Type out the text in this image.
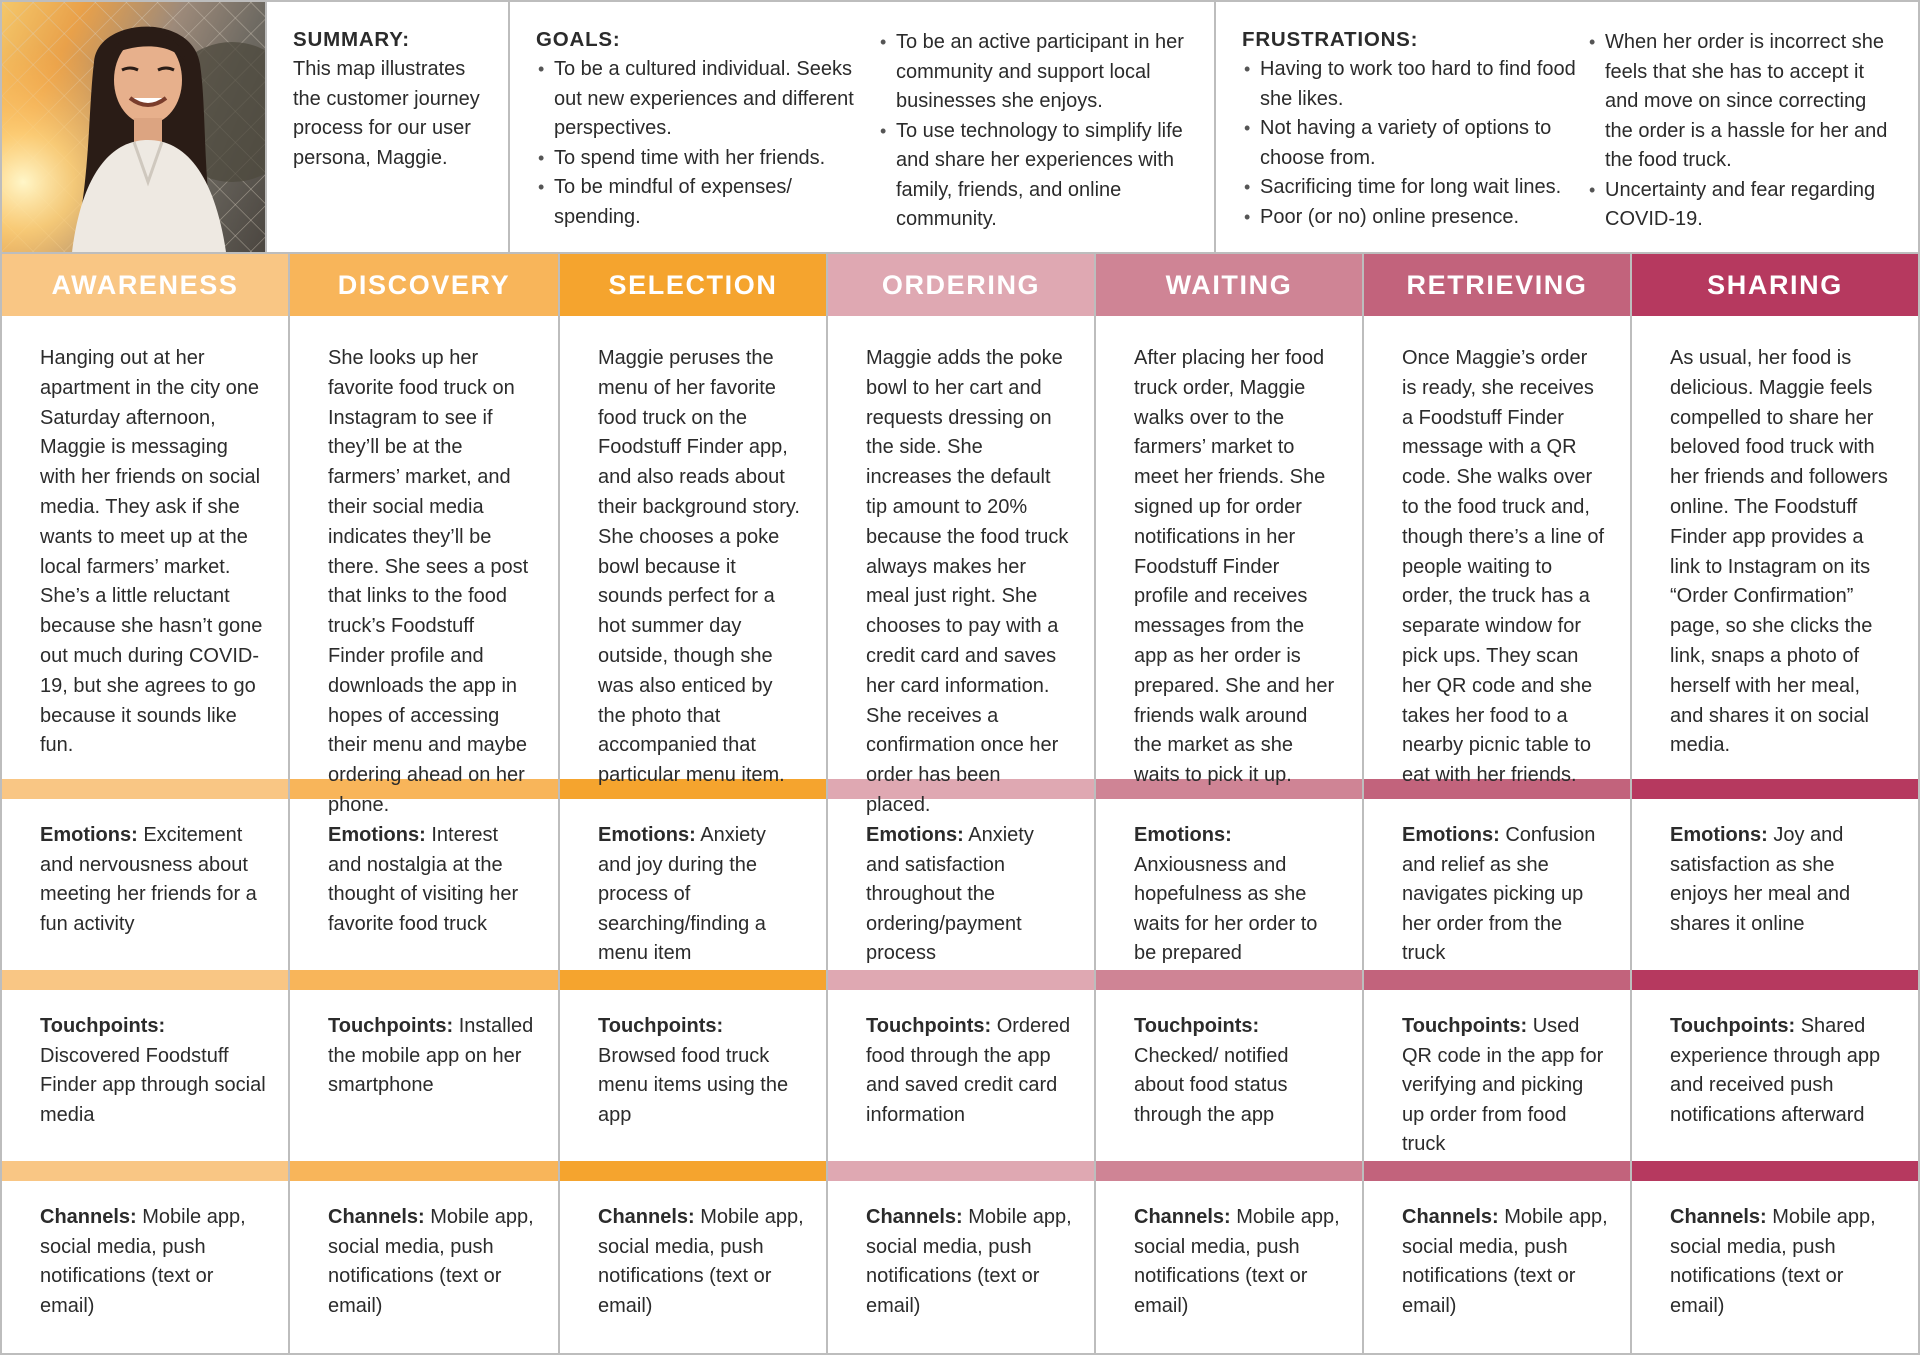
SUMMARY:

This map illustrates the customer journey process for our user persona, Maggie.

GOALS:
• To be a cultured individual. Seeks out new experiences and different perspectives.
• To spend time with her friends.
• To be mindful of expenses/ spending.
• To be an active participant in her community and support local businesses she enjoys.
• To use technology to simplify life and share her experiences with family, friends, and online community.
FRUSTRATIONS:
• Having to work too hard to find food she likes.
• Not having a variety of options to choose from.
• Sacrificing time for long wait lines.
• Poor (or no) online presence.
• When her order is incorrect she feels that she has to accept it and move on since correcting the order is a hassle for her and the food truck.
• Uncertainty and fear regarding COVID-19.
AWARENESS
Hanging out at her apartment in the city one Saturday afternoon, Maggie is messaging with her friends on social media. They ask if she wants to meet up at the local farmers’ market. She’s a little reluctant because she hasn’t gone out much during COVID-19, but she agrees to go because it sounds like fun.
Emotions: Excitement and nervousness about meeting her friends for a fun activity
Touchpoints: Discovered Foodstuff Finder app through social media
Channels: Mobile app, social media, push notifications (text or email)
DISCOVERY
She looks up her favorite food truck on Instagram to see if they’ll be at the farmers’ market, and their social media indicates they’ll be there. She sees a post that links to the food truck’s Foodstuff Finder profile and downloads the app in hopes of accessing their menu and maybe ordering ahead on her phone.
Emotions: Interest and nostalgia at the thought of visiting her favorite food truck
Touchpoints: Installed the mobile app on her smartphone
Channels: Mobile app, social media, push notifications (text or email)
SELECTION
Maggie peruses the menu of her favorite food truck on the Foodstuff Finder app, and also reads about their background story. She chooses a poke bowl because it sounds perfect for a hot summer day outside, though she was also enticed by the photo that accompanied that particular menu item.
Emotions: Anxiety and joy during the process of searching/finding a menu item
Touchpoints: Browsed food truck menu items using the app
Channels: Mobile app, social media, push notifications (text or email)
ORDERING
Maggie adds the poke bowl to her cart and requests dressing on the side. She increases the default tip amount to 20% because the food truck always makes her meal just right. She chooses to pay with a credit card and saves her card information. She receives a confirmation once her order has been placed.
Emotions: Anxiety and satisfaction throughout the ordering/payment process
Touchpoints: Ordered food through the app and saved credit card information
Channels: Mobile app, social media, push notifications (text or email)
WAITING
After placing her food truck order, Maggie walks over to the farmers’ market to meet her friends. She signed up for order notifications in her Foodstuff Finder profile and receives messages from the app as her order is prepared. She and her friends walk around the market as she waits to pick it up.
Emotions: Anxiousness and hopefulness as she waits for her order to be prepared
Touchpoints: Checked/ notified about food status through the app
Channels: Mobile app, social media, push notifications (text or email)
RETRIEVING
Once Maggie’s order is ready, she receives a Foodstuff Finder message with a QR code. She walks over to the food truck and, though there’s a line of people waiting to order, the truck has a separate window for pick ups. They scan her QR code and she takes her food to a nearby picnic table to eat with her friends.
Emotions: Confusion and relief as she navigates picking up her order from the truck
Touchpoints: Used QR code in the app for verifying and picking up order from food truck
Channels: Mobile app, social media, push notifications (text or email)
SHARING
As usual, her food is delicious. Maggie feels compelled to share her beloved food truck with her friends and followers online. The Foodstuff Finder app provides a link to Instagram on its “Order Confirmation” page, so she clicks the link, snaps a photo of herself with her meal, and shares it on social media.
Emotions: Joy and satisfaction as she enjoys her meal and shares it online
Touchpoints: Shared experience through app and received push notifications afterward
Channels: Mobile app, social media, push notifications (text or email)
